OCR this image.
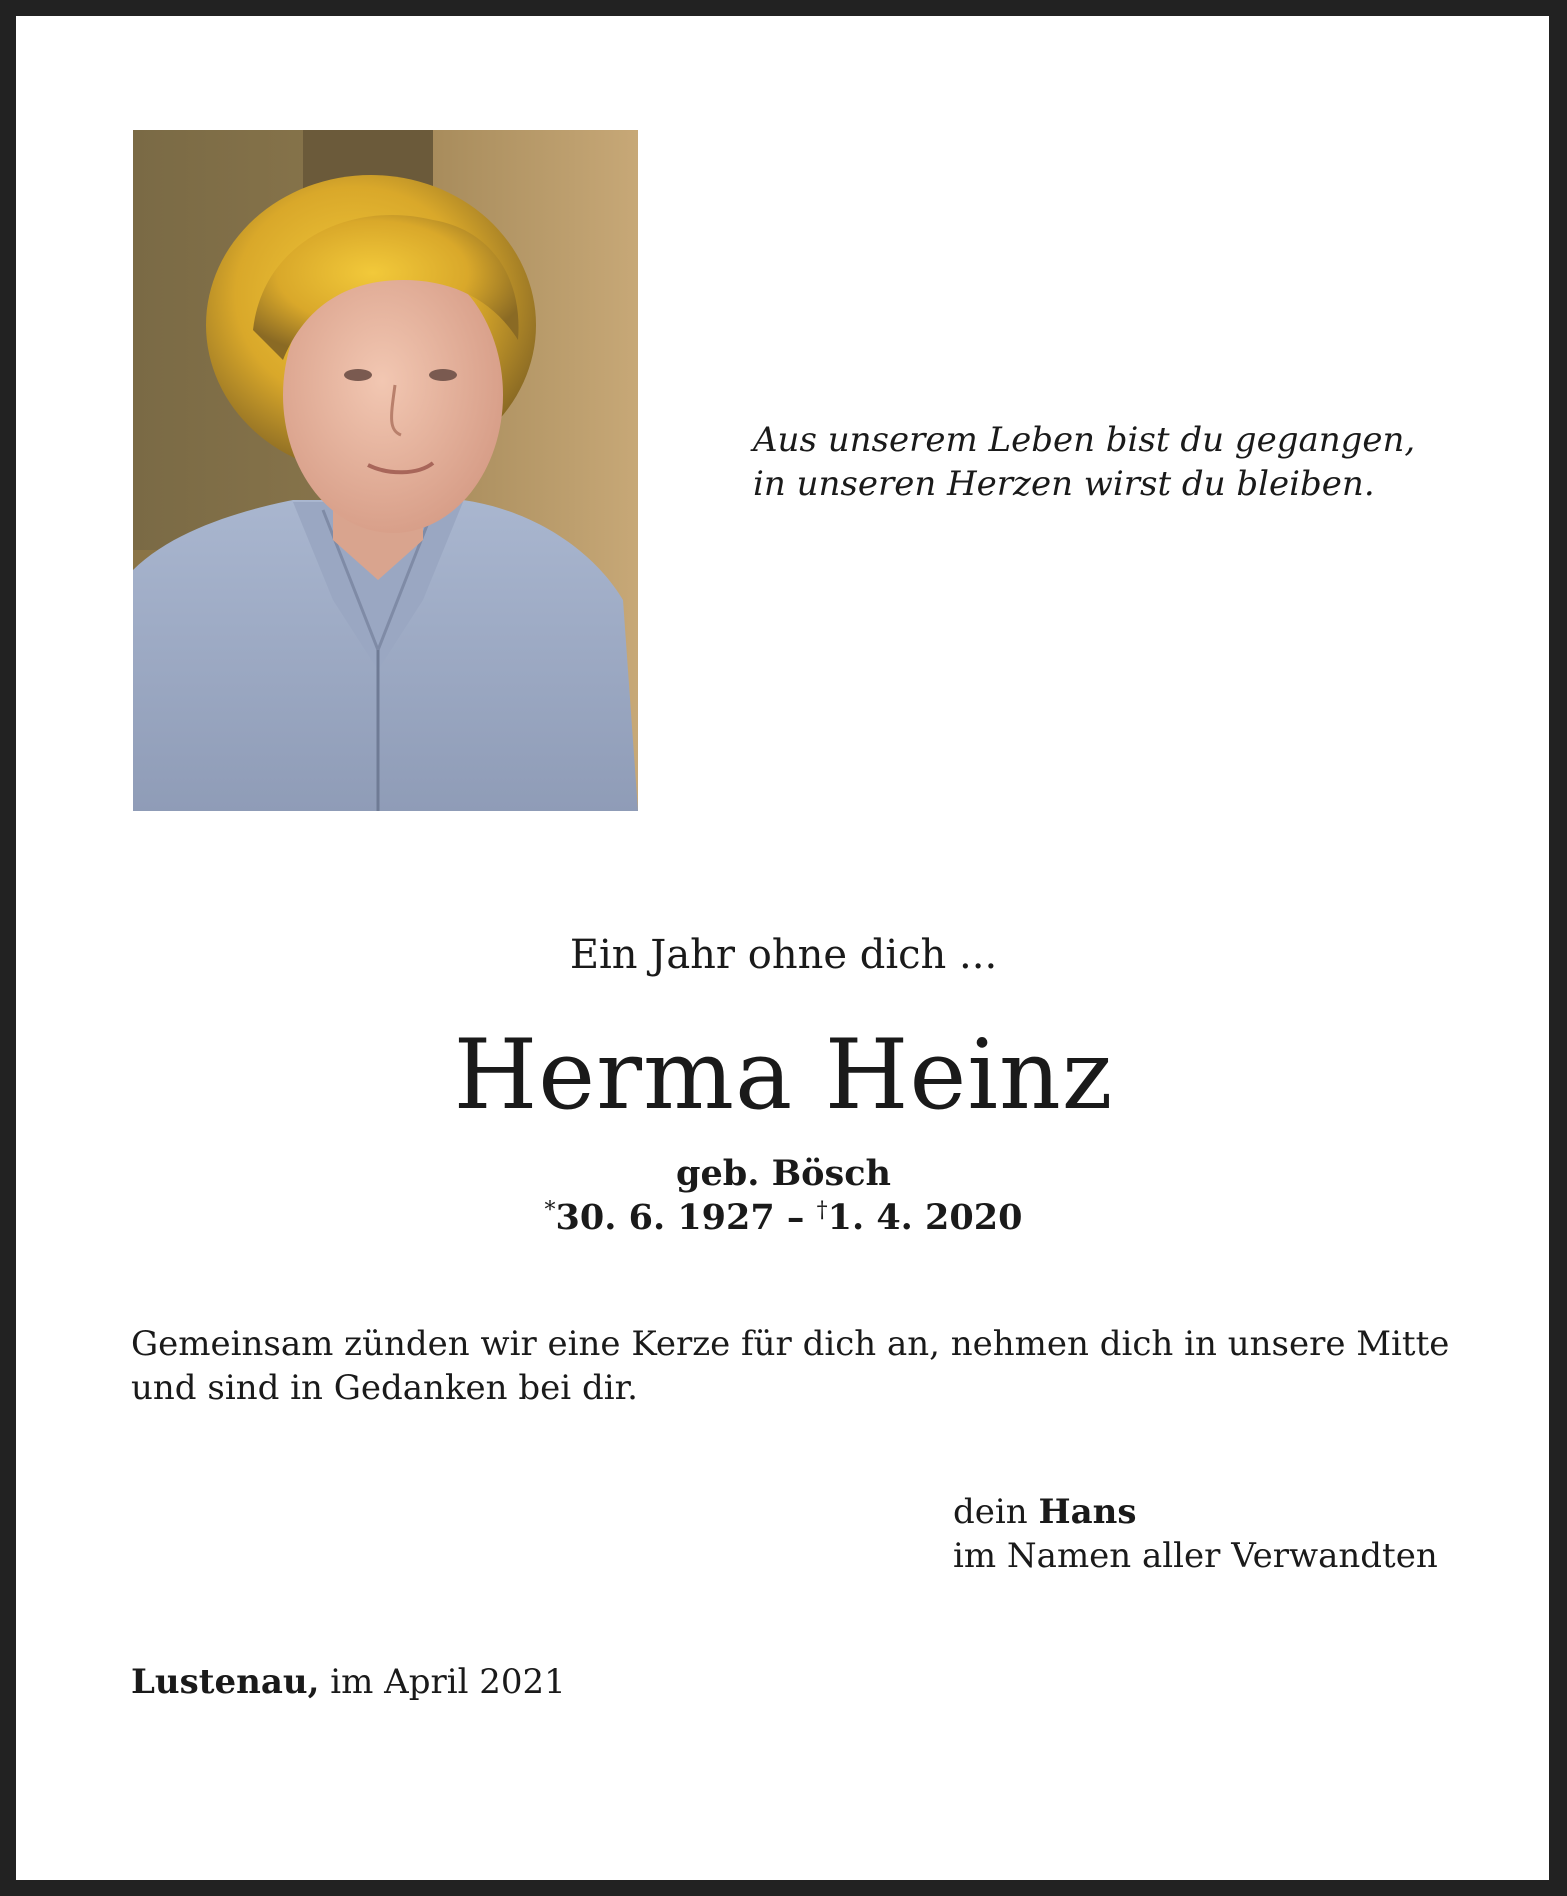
Aus unserem Leben bist du gegangen,
in unseren Herzen wirst du bleiben.
Ein Jahr ohne dich ...
Herma Heinz
geb. Bösch
*30. 6. 1927 – †1. 4. 2020
Gemeinsam zünden wir eine Kerze für dich an, nehmen dich in unsere Mitte
und sind in Gedanken bei dir.
dein Hans
im Namen aller Verwandten
Lustenau, im April 2021
